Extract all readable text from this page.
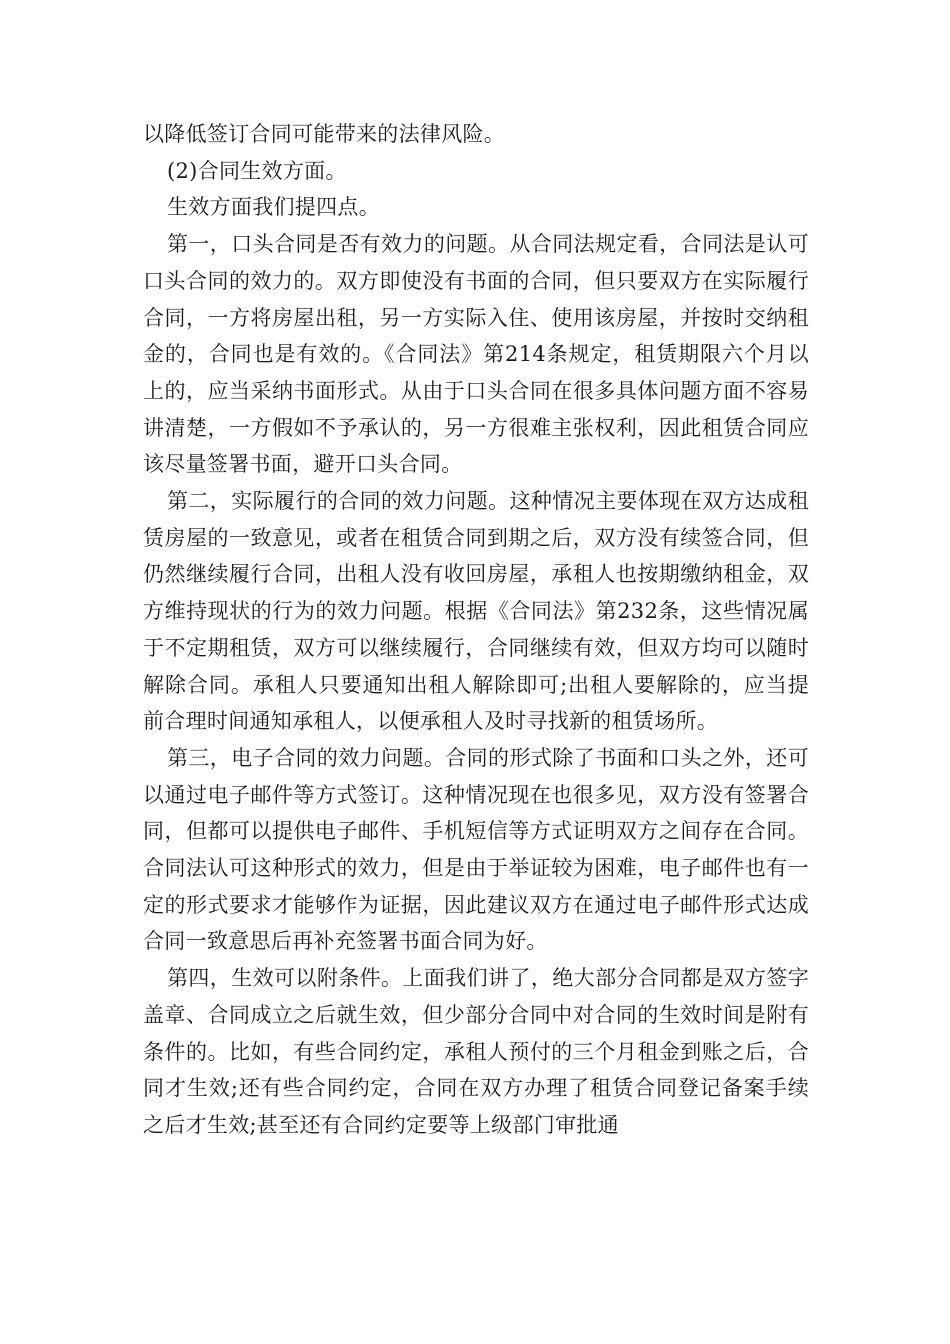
以降低签订合同可能带来的法律风险。

(2)合同生效方面。

生效方面我们提四点。

第一，口头合同是否有效力的问题。从合同法规定看，合同法是认可口头合同的效力的。双方即使没有书面的合同，但只要双方在实际履行合同，一方将房屋出租，另一方实际入住、使用该房屋，并按时交纳租金的，合同也是有效的。《合同法》第214条规定，租赁期限六个月以上的，应当采纳书面形式。从由于口头合同在很多具体问题方面不容易讲清楚，一方假如不予承认的，另一方很难主张权利，因此租赁合同应该尽量签署书面，避开口头合同。

第二，实际履行的合同的效力问题。这种情况主要体现在双方达成租赁房屋的一致意见，或者在租赁合同到期之后，双方没有续签合同，但仍然继续履行合同，出租人没有收回房屋，承租人也按期缴纳租金，双方维持现状的行为的效力问题。根据《合同法》第232条，这些情况属于不定期租赁，双方可以继续履行，合同继续有效，但双方均可以随时解除合同。承租人只要通知出租人解除即可;出租人要解除的，应当提前合理时间通知承租人，以便承租人及时寻找新的租赁场所。

第三，电子合同的效力问题。合同的形式除了书面和口头之外，还可以通过电子邮件等方式签订。这种情况现在也很多见，双方没有签署合同，但都可以提供电子邮件、手机短信等方式证明双方之间存在合同。合同法认可这种形式的效力，但是由于举证较为困难，电子邮件也有一定的形式要求才能够作为证据，因此建议双方在通过电子邮件形式达成合同一致意思后再补充签署书面合同为好。

第四，生效可以附条件。上面我们讲了，绝大部分合同都是双方签字盖章、合同成立之后就生效，但少部分合同中对合同的生效时间是附有条件的。比如，有些合同约定，承租人预付的三个月租金到账之后，合同才生效;还有些合同约定，合同在双方办理了租赁合同登记备案手续之后才生效;甚至还有合同约定要等上级部门审批通
